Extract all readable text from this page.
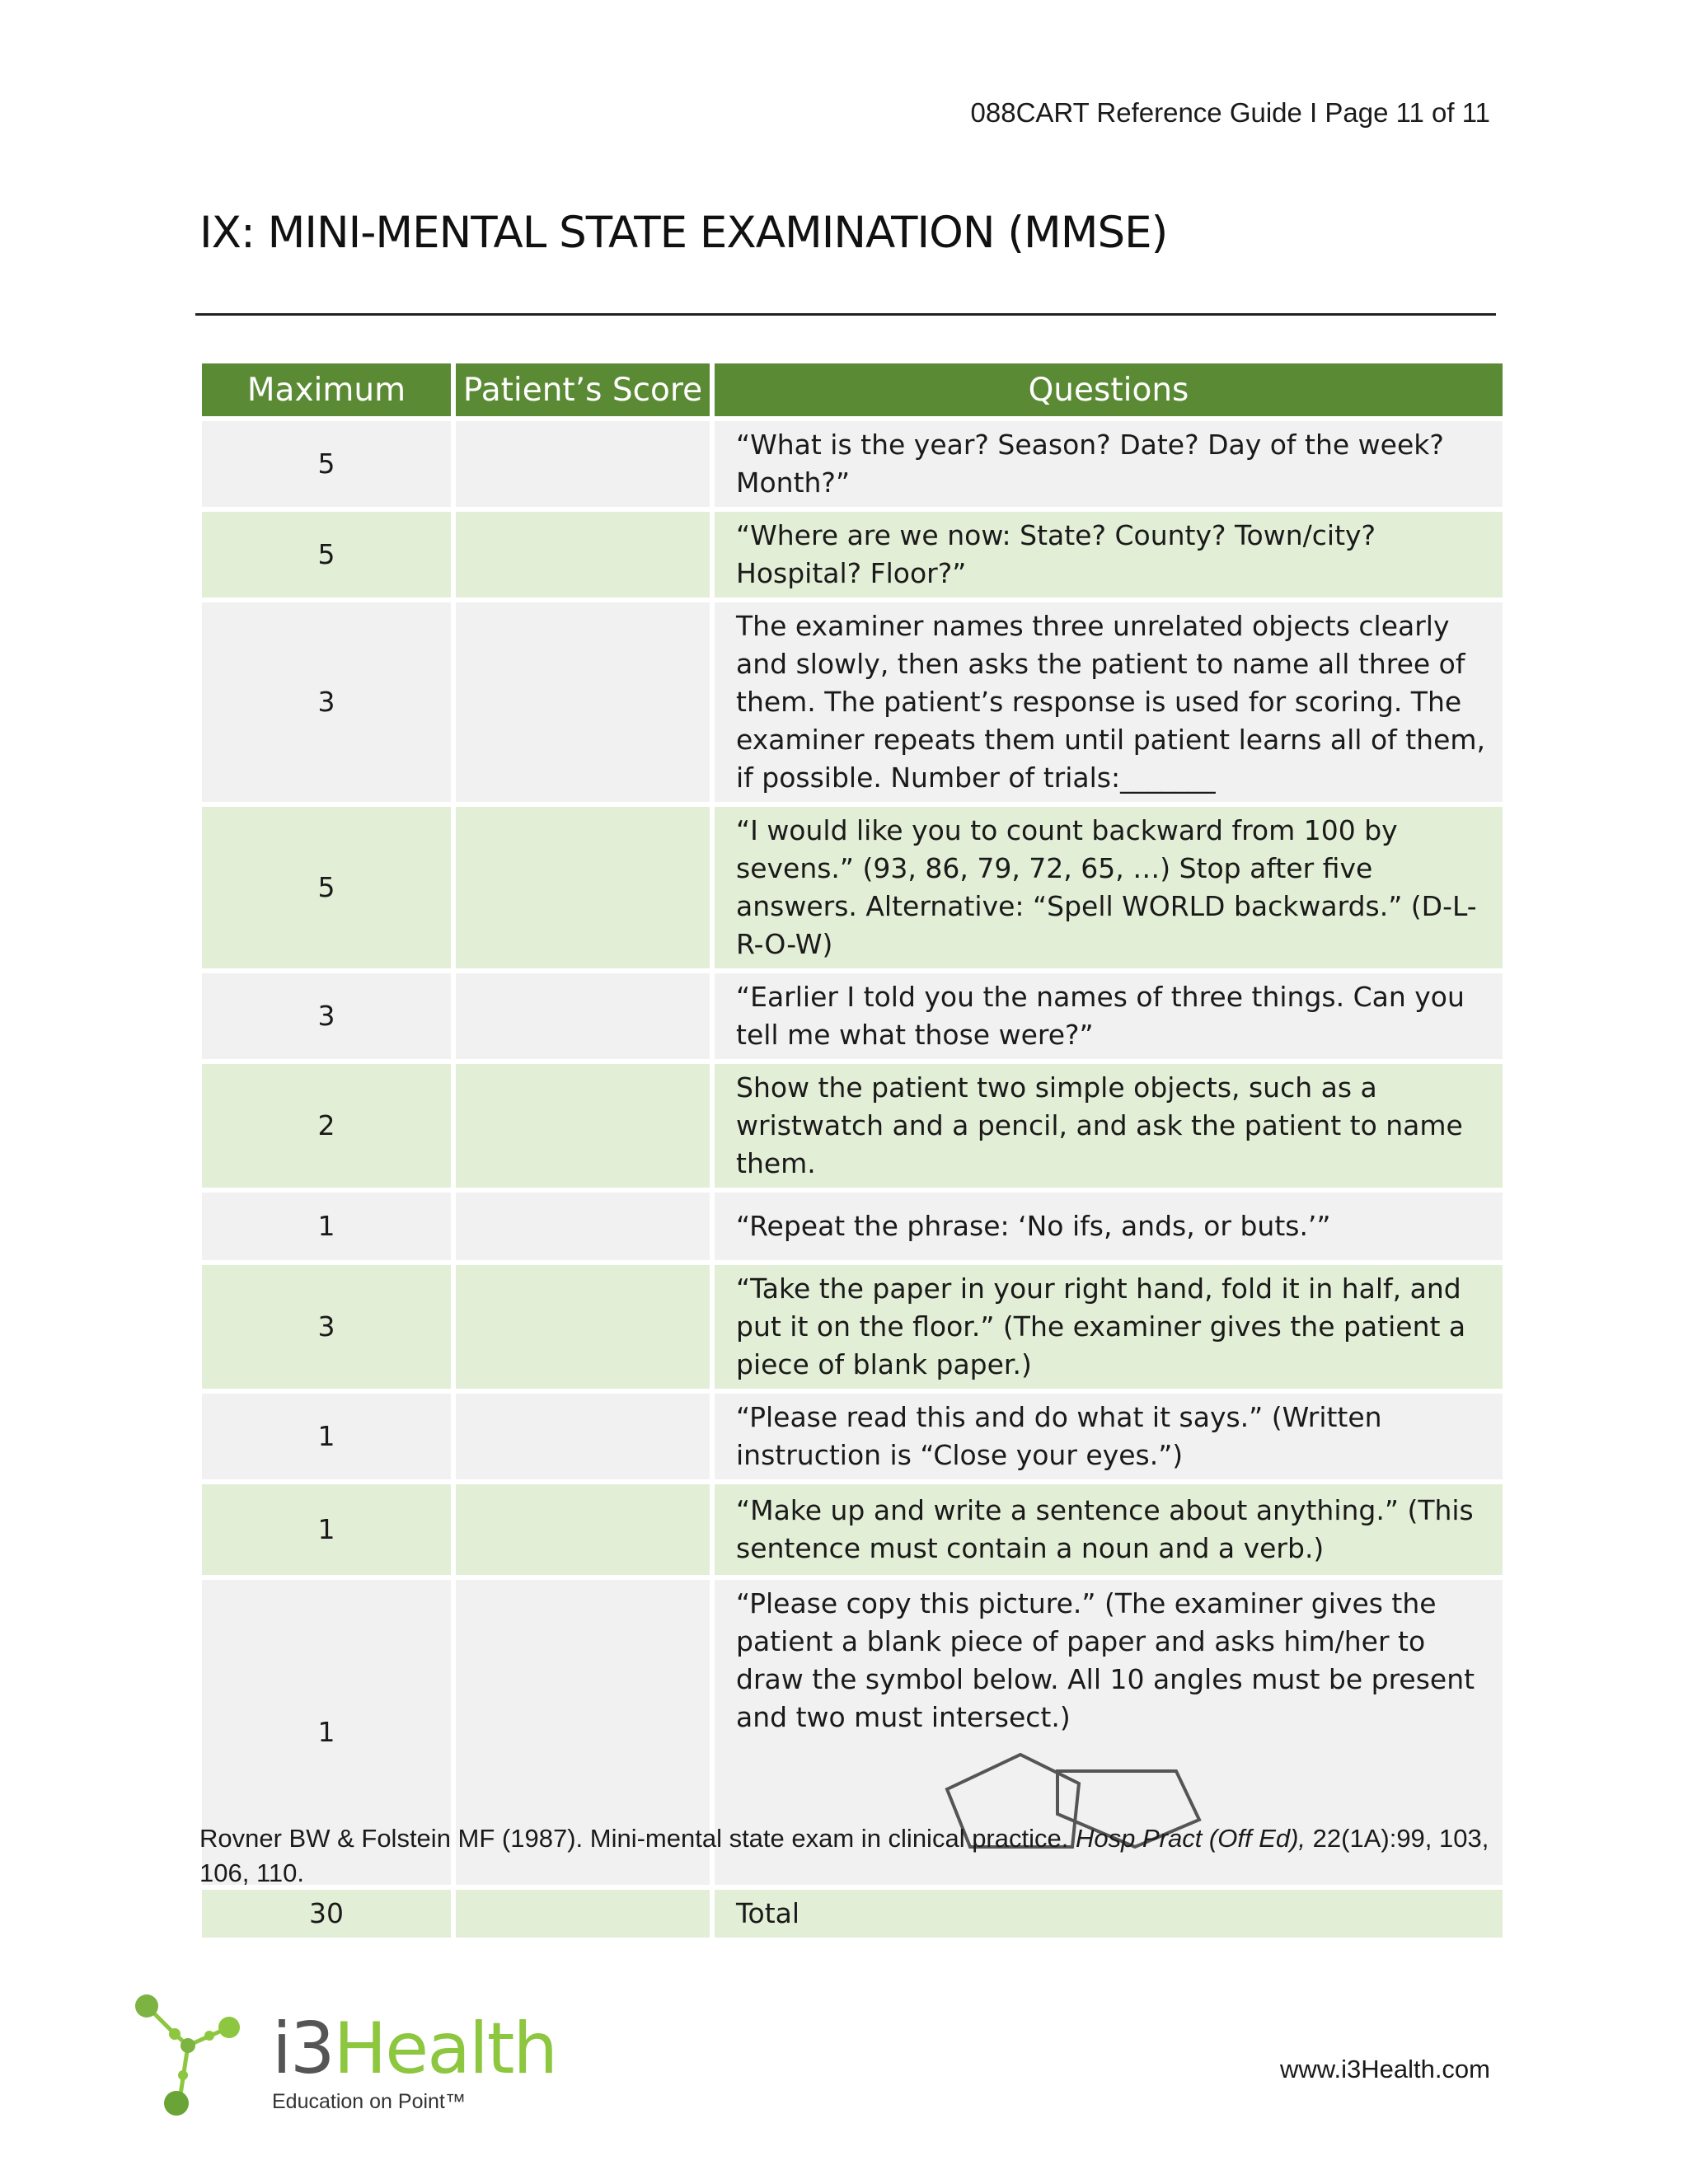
088CART Reference Guide I Page 11 of 11
IX: MINI-MENTAL STATE EXAMINATION (MMSE)
Maximum	Patient’s Score	Questions
5		“What is the year? Season? Date? Day of the week? Month?”
5		“Where are we now: State? County? Town/city? Hospital? Floor?”
3		The examiner names three unrelated objects clearly and slowly, then asks the patient to name all three of them. The patient’s response is used for scoring. The examiner repeats them until patient learns all of them, if possible. Number of trials:_______
5		“I would like you to count backward from 100 by sevens.” (93, 86, 79, 72, 65, …) Stop after five answers. Alternative: “Spell WORLD backwards.” (D-L-R-O-W)
3		“Earlier I told you the names of three things. Can you tell me what those were?”
2		Show the patient two simple objects, such as a wristwatch and a pencil, and ask the patient to name them.
1		“Repeat the phrase: ‘No ifs, ands, or buts.’”
3		“Take the paper in your right hand, fold it in half, and put it on the floor.” (The examiner gives the patient a piece of blank paper.)
1		“Please read this and do what it says.” (Written instruction is “Close your eyes.”)
1		“Make up and write a sentence about anything.” (This sentence must contain a noun and a verb.)
1		“Please copy this picture.” (The examiner gives the patient a blank piece of paper and asks him/her to draw the symbol below. All 10 angles must be present and two must intersect.)

30		Total
Rovner BW & Folstein MF (1987). Mini-mental state exam in clinical practice. Hosp Pract (Off Ed), 22(1A):99, 103, 106, 110.
i3Health
Education on Point™
www.i3Health.com
